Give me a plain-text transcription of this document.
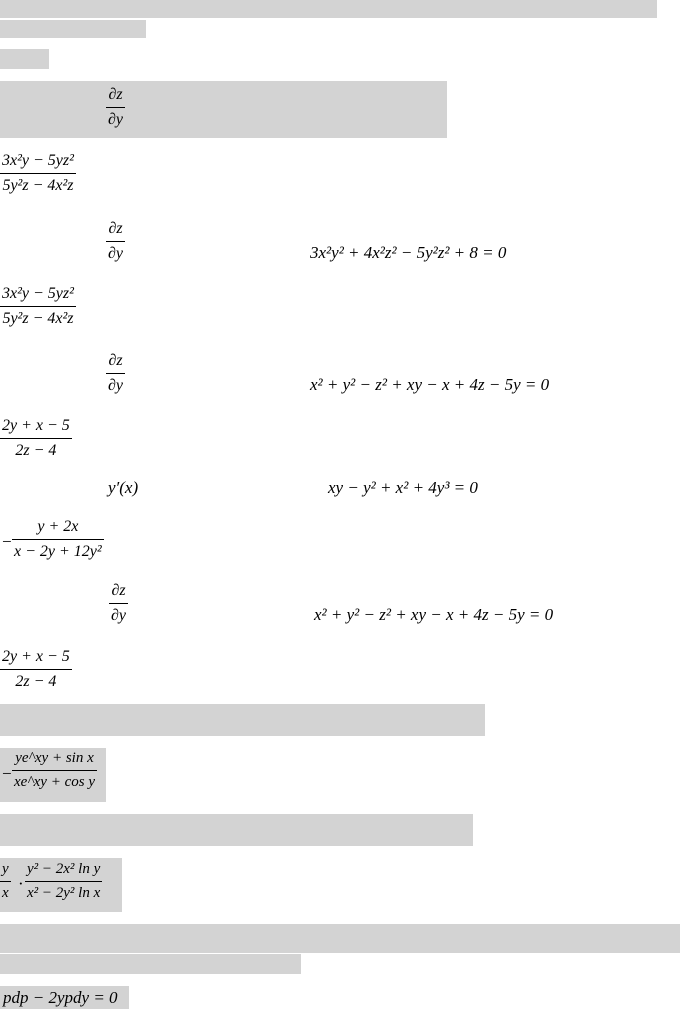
$\frac{\partial z}{\partial y}$
$\frac{\text{3x²y − 5yz²}}{\text{5y²z − 4x²z}}$
$\frac{\partial z}{\partial y}$	3x²y² + 4x²z² − 5y²z² + 8 = 0
$\frac{\text{3x²y − 5yz²}}{\text{5y²z − 4x²z}}$
$\frac{\partial z}{\partial y}$	x² + y² − z² + xy − x + 4z − 5y = 0
$\frac{2y + x - 5}{2z - 4}$
y′(x)	xy − y² + x² + 4y³ = 0
− $\frac{y + 2x}{\text{x − 2y + 12y²}}$
$\frac{\partial z}{\partial y}$	x² + y² − z² + xy − x + 4z − 5y = 0
$\frac{2y + x - 5}{2z - 4}$
− $\frac{\text{ye\textasciicircum{}xy + sin x}}{\text{xe\textasciicircum{}xy + cos y}}$
$\frac{y}{x} \cdot \frac{\text{y² − 2x² ln y}}{\text{x² − 2y² ln x}}$
pdp − 2ypdy = 0
